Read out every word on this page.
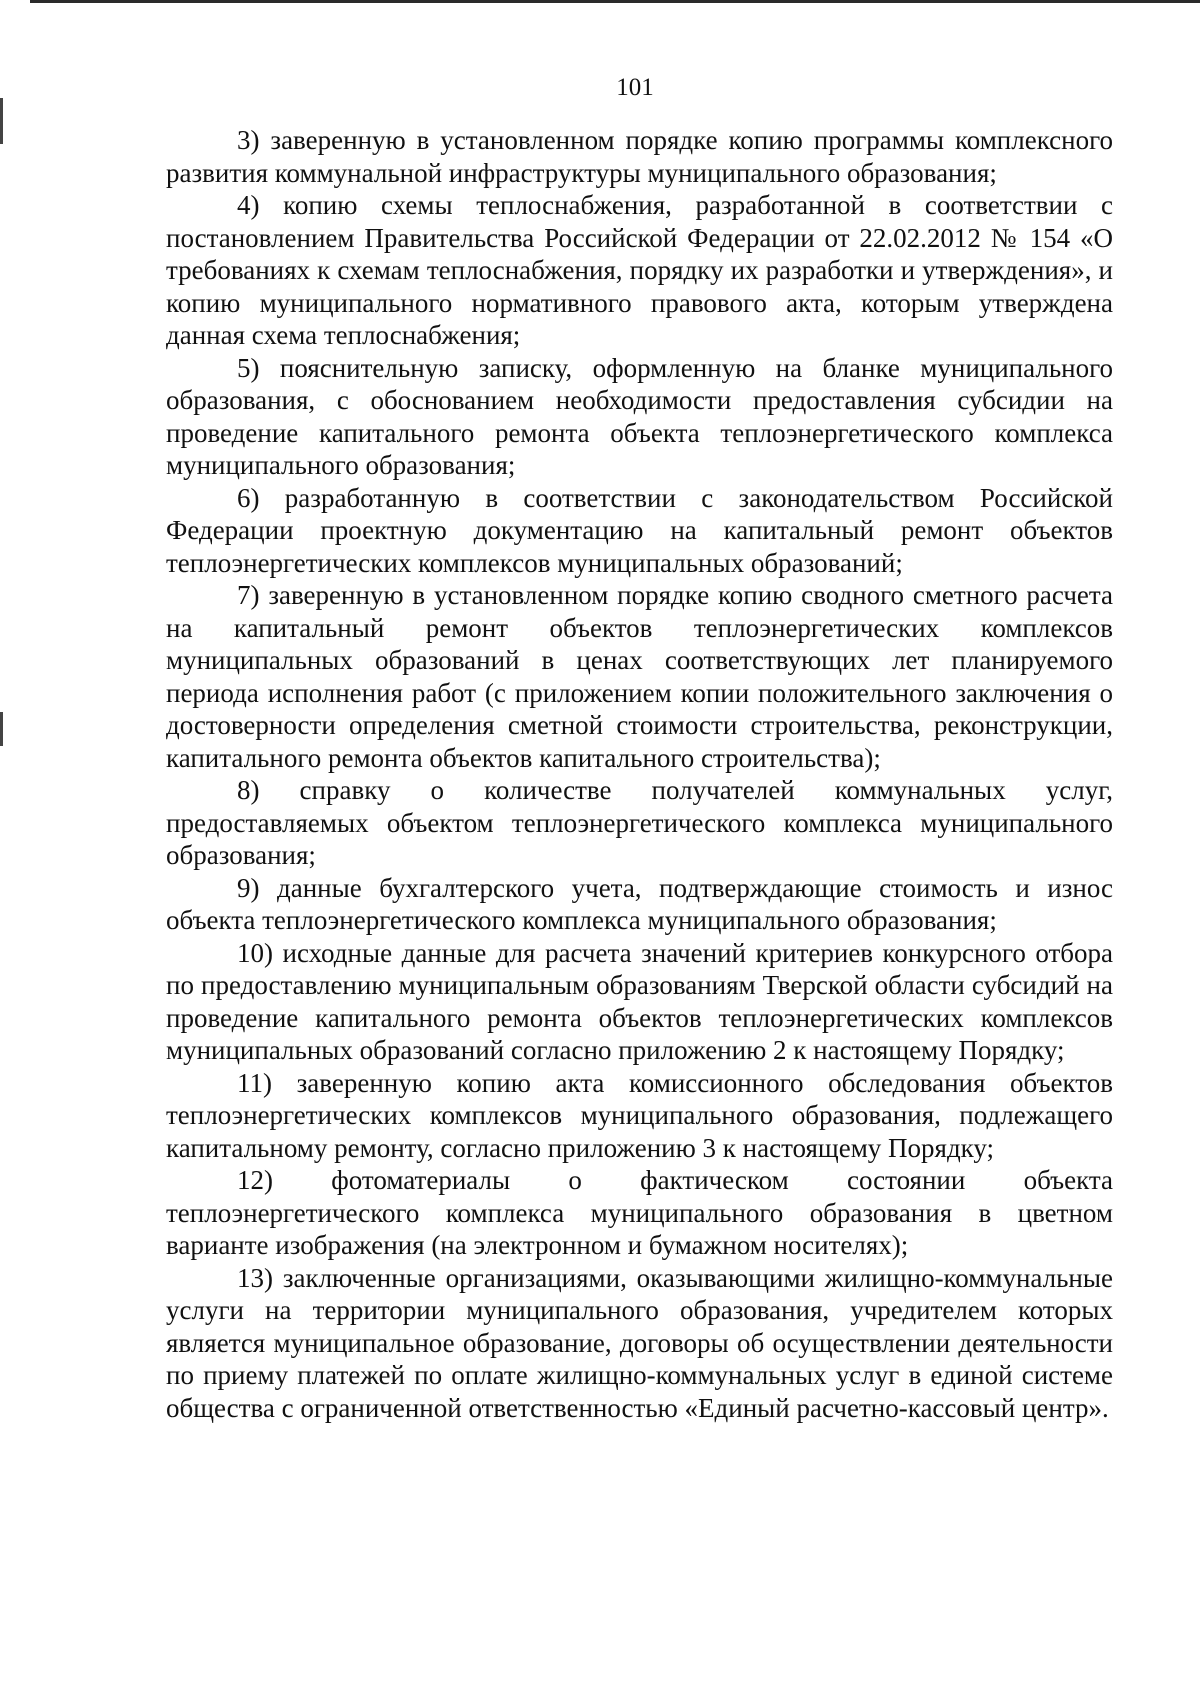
101

3) заверенную в установленном порядке копию программы комплексного развития коммунальной инфраструктуры муниципального образования;

4) копию схемы теплоснабжения, разработанной в соответствии с постановлением Правительства Российской Федерации от 22.02.2012 № 154 «О требованиях к схемам теплоснабжения, порядку их разработки и утверждения», и копию муниципального нормативного правового акта, которым утверждена данная схема теплоснабжения;

5) пояснительную записку, оформленную на бланке муниципального образования, с обоснованием необходимости предоставления субсидии на проведение капитального ремонта объекта теплоэнергетического комплекса муниципального образования;

6) разработанную в соответствии с законодательством Российской Федерации проектную документацию на капитальный ремонт объектов теплоэнергетических комплексов муниципальных образований;

7) заверенную в установленном порядке копию сводного сметного расчета на капитальный ремонт объектов теплоэнергетических комплексов муниципальных образований в ценах соответствующих лет планируемого периода исполнения работ (с приложением копии положительного заключения о достоверности определения сметной стоимости строительства, реконструкции, капитального ремонта объектов капитального строительства);

8) справку о количестве получателей коммунальных услуг, предоставляемых объектом теплоэнергетического комплекса муниципального образования;

9) данные бухгалтерского учета, подтверждающие стоимость и износ объекта теплоэнергетического комплекса муниципального образования;

10) исходные данные для расчета значений критериев конкурсного отбора по предоставлению муниципальным образованиям Тверской области субсидий на проведение капитального ремонта объектов теплоэнергетических комплексов муниципальных образований согласно приложению 2 к настоящему Порядку;

11) заверенную копию акта комиссионного обследования объектов теплоэнергетических комплексов муниципального образования, подлежащего капитальному ремонту, согласно приложению 3 к настоящему Порядку;

12) фотоматериалы о фактическом состоянии объекта теплоэнергетического комплекса муниципального образования в цветном варианте изображения (на электронном и бумажном носителях);

13) заключенные организациями, оказывающими жилищно-коммунальные услуги на территории муниципального образования, учредителем которых является муниципальное образование, договоры об осуществлении деятельности по приему платежей по оплате жилищно-коммунальных услуг в единой системе общества с ограниченной ответственностью «Единый расчетно-кассовый центр».
